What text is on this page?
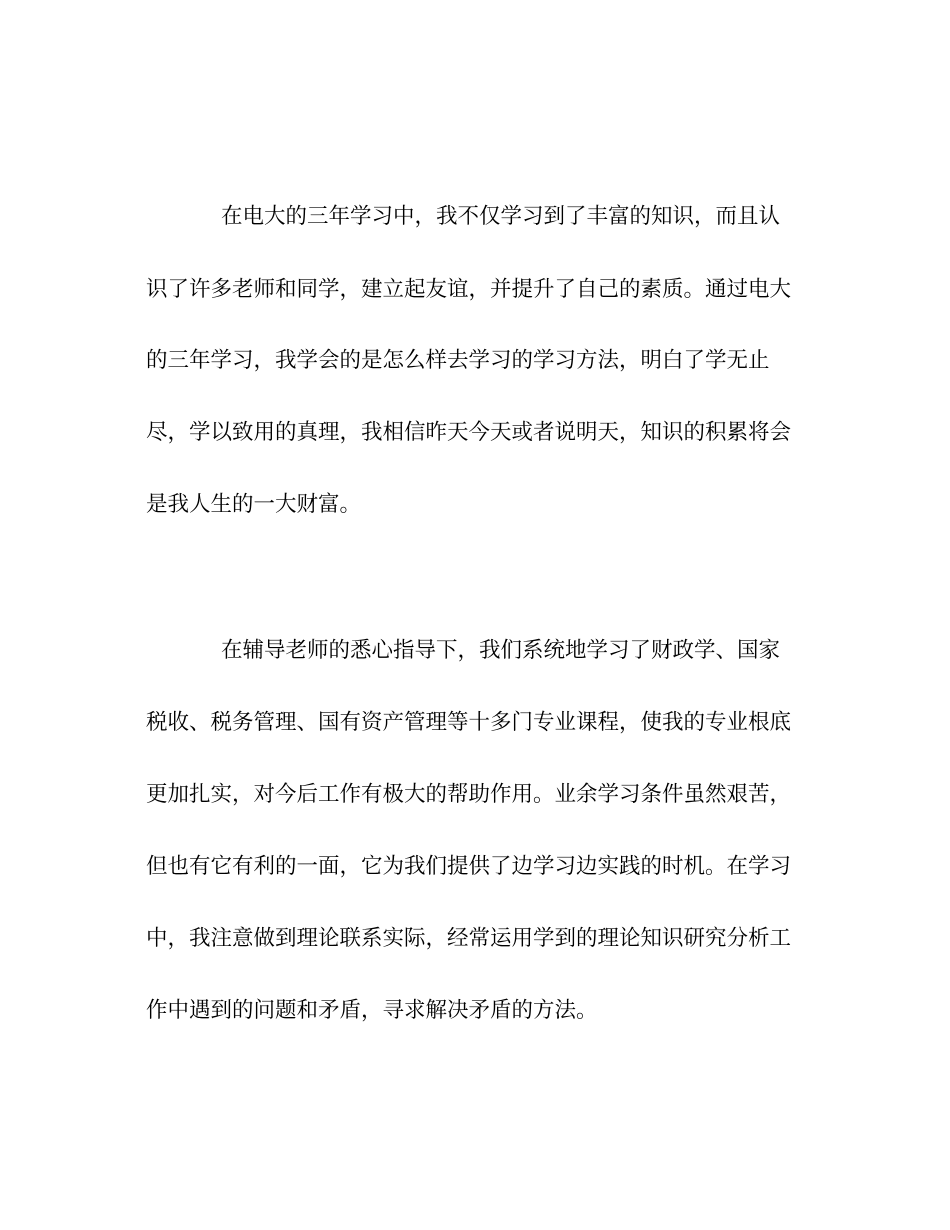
在电大的三年学习中，我不仅学习到了丰富的知识，而且认
识了许多老师和同学，建立起友谊，并提升了自己的素质。通过电大
的三年学习，我学会的是怎么样去学习的学习方法，明白了学无止
尽，学以致用的真理，我相信昨天今天或者说明天，知识的积累将会
是我人生的一大财富。
在辅导老师的悉心指导下，我们系统地学习了财政学、国家
税收、税务管理、国有资产管理等十多门专业课程，使我的专业根底
更加扎实，对今后工作有极大的帮助作用。业余学习条件虽然艰苦，
但也有它有利的一面，它为我们提供了边学习边实践的时机。在学习
中，我注意做到理论联系实际，经常运用学到的理论知识研究分析工
作中遇到的问题和矛盾，寻求解决矛盾的方法。
